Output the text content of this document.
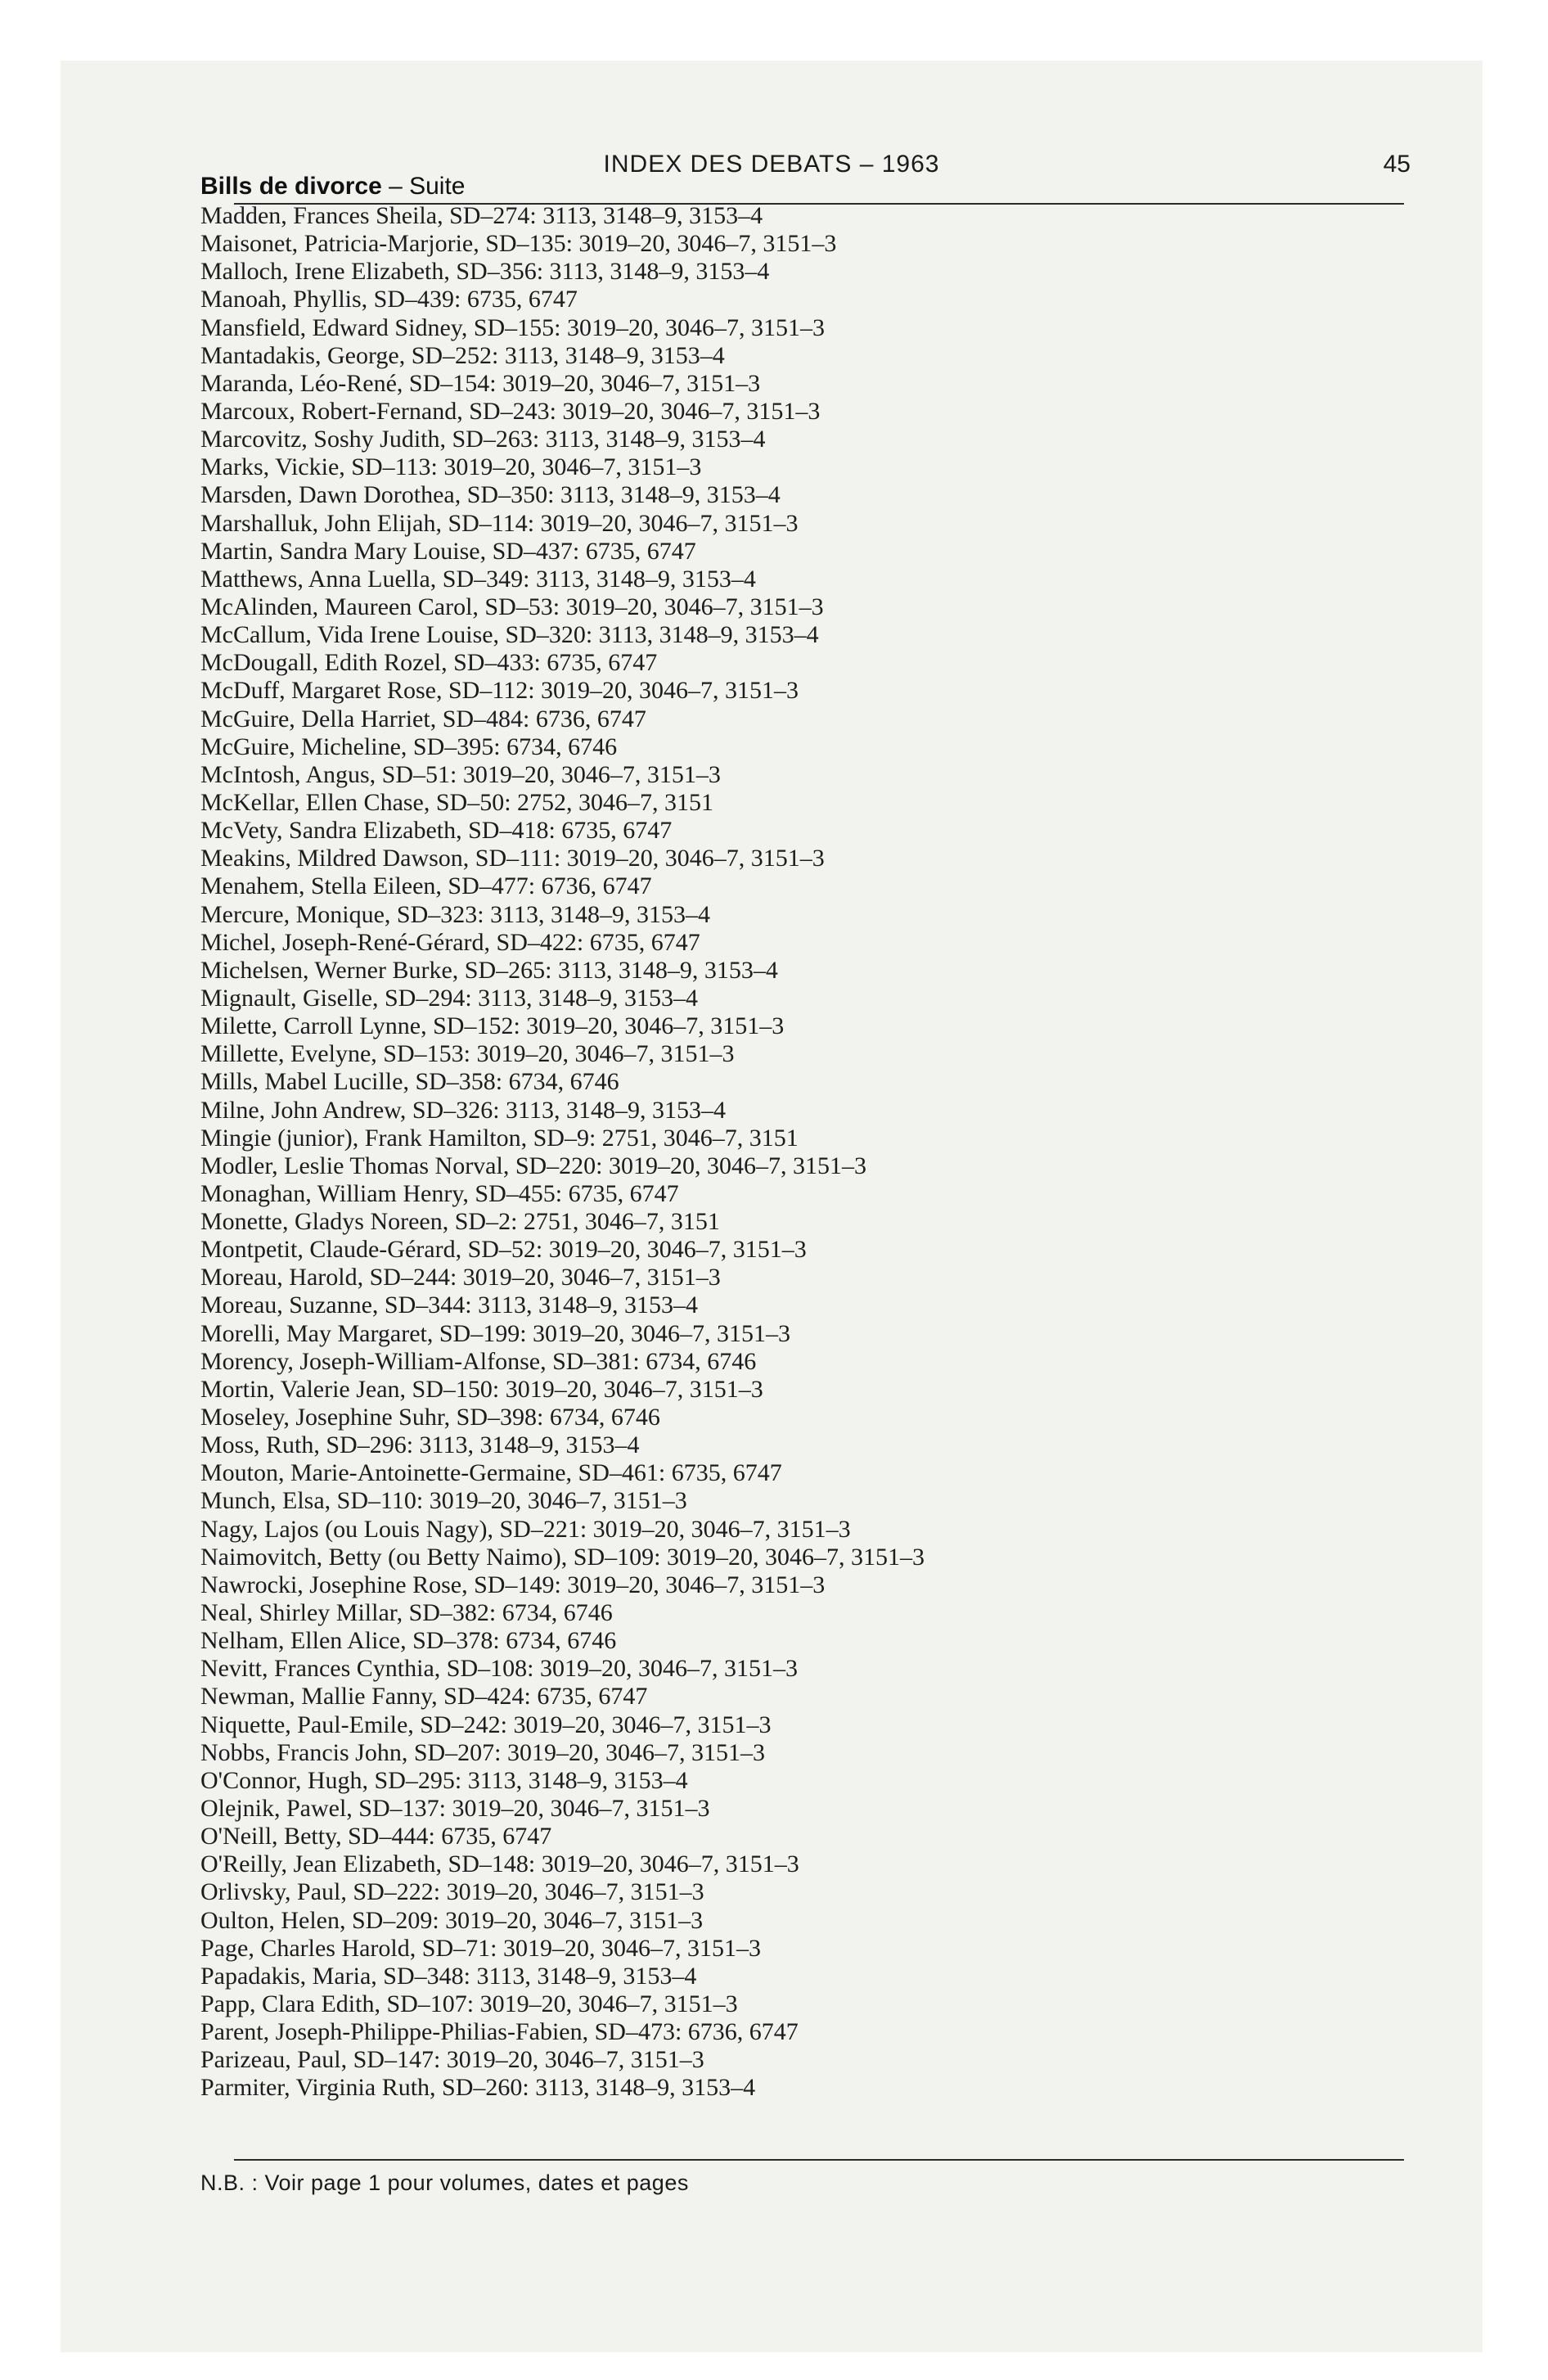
INDEX DES DEBATS – 1963	45
Bills de divorce – Suite
Madden, Frances Sheila, SD–274: 3113, 3148–9, 3153–4
Maisonet, Patricia-Marjorie, SD–135: 3019–20, 3046–7, 3151–3
Malloch, Irene Elizabeth, SD–356: 3113, 3148–9, 3153–4
Manoah, Phyllis, SD–439: 6735, 6747
Mansfield, Edward Sidney, SD–155: 3019–20, 3046–7, 3151–3
Mantadakis, George, SD–252: 3113, 3148–9, 3153–4
Maranda, Léo-René, SD–154: 3019–20, 3046–7, 3151–3
Marcoux, Robert-Fernand, SD–243: 3019–20, 3046–7, 3151–3
Marcovitz, Soshy Judith, SD–263: 3113, 3148–9, 3153–4
Marks, Vickie, SD–113: 3019–20, 3046–7, 3151–3
Marsden, Dawn Dorothea, SD–350: 3113, 3148–9, 3153–4
Marshalluk, John Elijah, SD–114: 3019–20, 3046–7, 3151–3
Martin, Sandra Mary Louise, SD–437: 6735, 6747
Matthews, Anna Luella, SD–349: 3113, 3148–9, 3153–4
McAlinden, Maureen Carol, SD–53: 3019–20, 3046–7, 3151–3
McCallum, Vida Irene Louise, SD–320: 3113, 3148–9, 3153–4
McDougall, Edith Rozel, SD–433: 6735, 6747
McDuff, Margaret Rose, SD–112: 3019–20, 3046–7, 3151–3
McGuire, Della Harriet, SD–484: 6736, 6747
McGuire, Micheline, SD–395: 6734, 6746
McIntosh, Angus, SD–51: 3019–20, 3046–7, 3151–3
McKellar, Ellen Chase, SD–50: 2752, 3046–7, 3151
McVety, Sandra Elizabeth, SD–418: 6735, 6747
Meakins, Mildred Dawson, SD–111: 3019–20, 3046–7, 3151–3
Menahem, Stella Eileen, SD–477: 6736, 6747
Mercure, Monique, SD–323: 3113, 3148–9, 3153–4
Michel, Joseph-René-Gérard, SD–422: 6735, 6747
Michelsen, Werner Burke, SD–265: 3113, 3148–9, 3153–4
Mignault, Giselle, SD–294: 3113, 3148–9, 3153–4
Milette, Carroll Lynne, SD–152: 3019–20, 3046–7, 3151–3
Millette, Evelyne, SD–153: 3019–20, 3046–7, 3151–3
Mills, Mabel Lucille, SD–358: 6734, 6746
Milne, John Andrew, SD–326: 3113, 3148–9, 3153–4
Mingie (junior), Frank Hamilton, SD–9: 2751, 3046–7, 3151
Modler, Leslie Thomas Norval, SD–220: 3019–20, 3046–7, 3151–3
Monaghan, William Henry, SD–455: 6735, 6747
Monette, Gladys Noreen, SD–2: 2751, 3046–7, 3151
Montpetit, Claude-Gérard, SD–52: 3019–20, 3046–7, 3151–3
Moreau, Harold, SD–244: 3019–20, 3046–7, 3151–3
Moreau, Suzanne, SD–344: 3113, 3148–9, 3153–4
Morelli, May Margaret, SD–199: 3019–20, 3046–7, 3151–3
Morency, Joseph-William-Alfonse, SD–381: 6734, 6746
Mortin, Valerie Jean, SD–150: 3019–20, 3046–7, 3151–3
Moseley, Josephine Suhr, SD–398: 6734, 6746
Moss, Ruth, SD–296: 3113, 3148–9, 3153–4
Mouton, Marie-Antoinette-Germaine, SD–461: 6735, 6747
Munch, Elsa, SD–110: 3019–20, 3046–7, 3151–3
Nagy, Lajos (ou Louis Nagy), SD–221: 3019–20, 3046–7, 3151–3
Naimovitch, Betty (ou Betty Naimo), SD–109: 3019–20, 3046–7, 3151–3
Nawrocki, Josephine Rose, SD–149: 3019–20, 3046–7, 3151–3
Neal, Shirley Millar, SD–382: 6734, 6746
Nelham, Ellen Alice, SD–378: 6734, 6746
Nevitt, Frances Cynthia, SD–108: 3019–20, 3046–7, 3151–3
Newman, Mallie Fanny, SD–424: 6735, 6747
Niquette, Paul-Emile, SD–242: 3019–20, 3046–7, 3151–3
Nobbs, Francis John, SD–207: 3019–20, 3046–7, 3151–3
O'Connor, Hugh, SD–295: 3113, 3148–9, 3153–4
Olejnik, Pawel, SD–137: 3019–20, 3046–7, 3151–3
O'Neill, Betty, SD–444: 6735, 6747
O'Reilly, Jean Elizabeth, SD–148: 3019–20, 3046–7, 3151–3
Orlivsky, Paul, SD–222: 3019–20, 3046–7, 3151–3
Oulton, Helen, SD–209: 3019–20, 3046–7, 3151–3
Page, Charles Harold, SD–71: 3019–20, 3046–7, 3151–3
Papadakis, Maria, SD–348: 3113, 3148–9, 3153–4
Papp, Clara Edith, SD–107: 3019–20, 3046–7, 3151–3
Parent, Joseph-Philippe-Philias-Fabien, SD–473: 6736, 6747
Parizeau, Paul, SD–147: 3019–20, 3046–7, 3151–3
Parmiter, Virginia Ruth, SD–260: 3113, 3148–9, 3153–4
N.B. : Voir page 1 pour volumes, dates et pages
